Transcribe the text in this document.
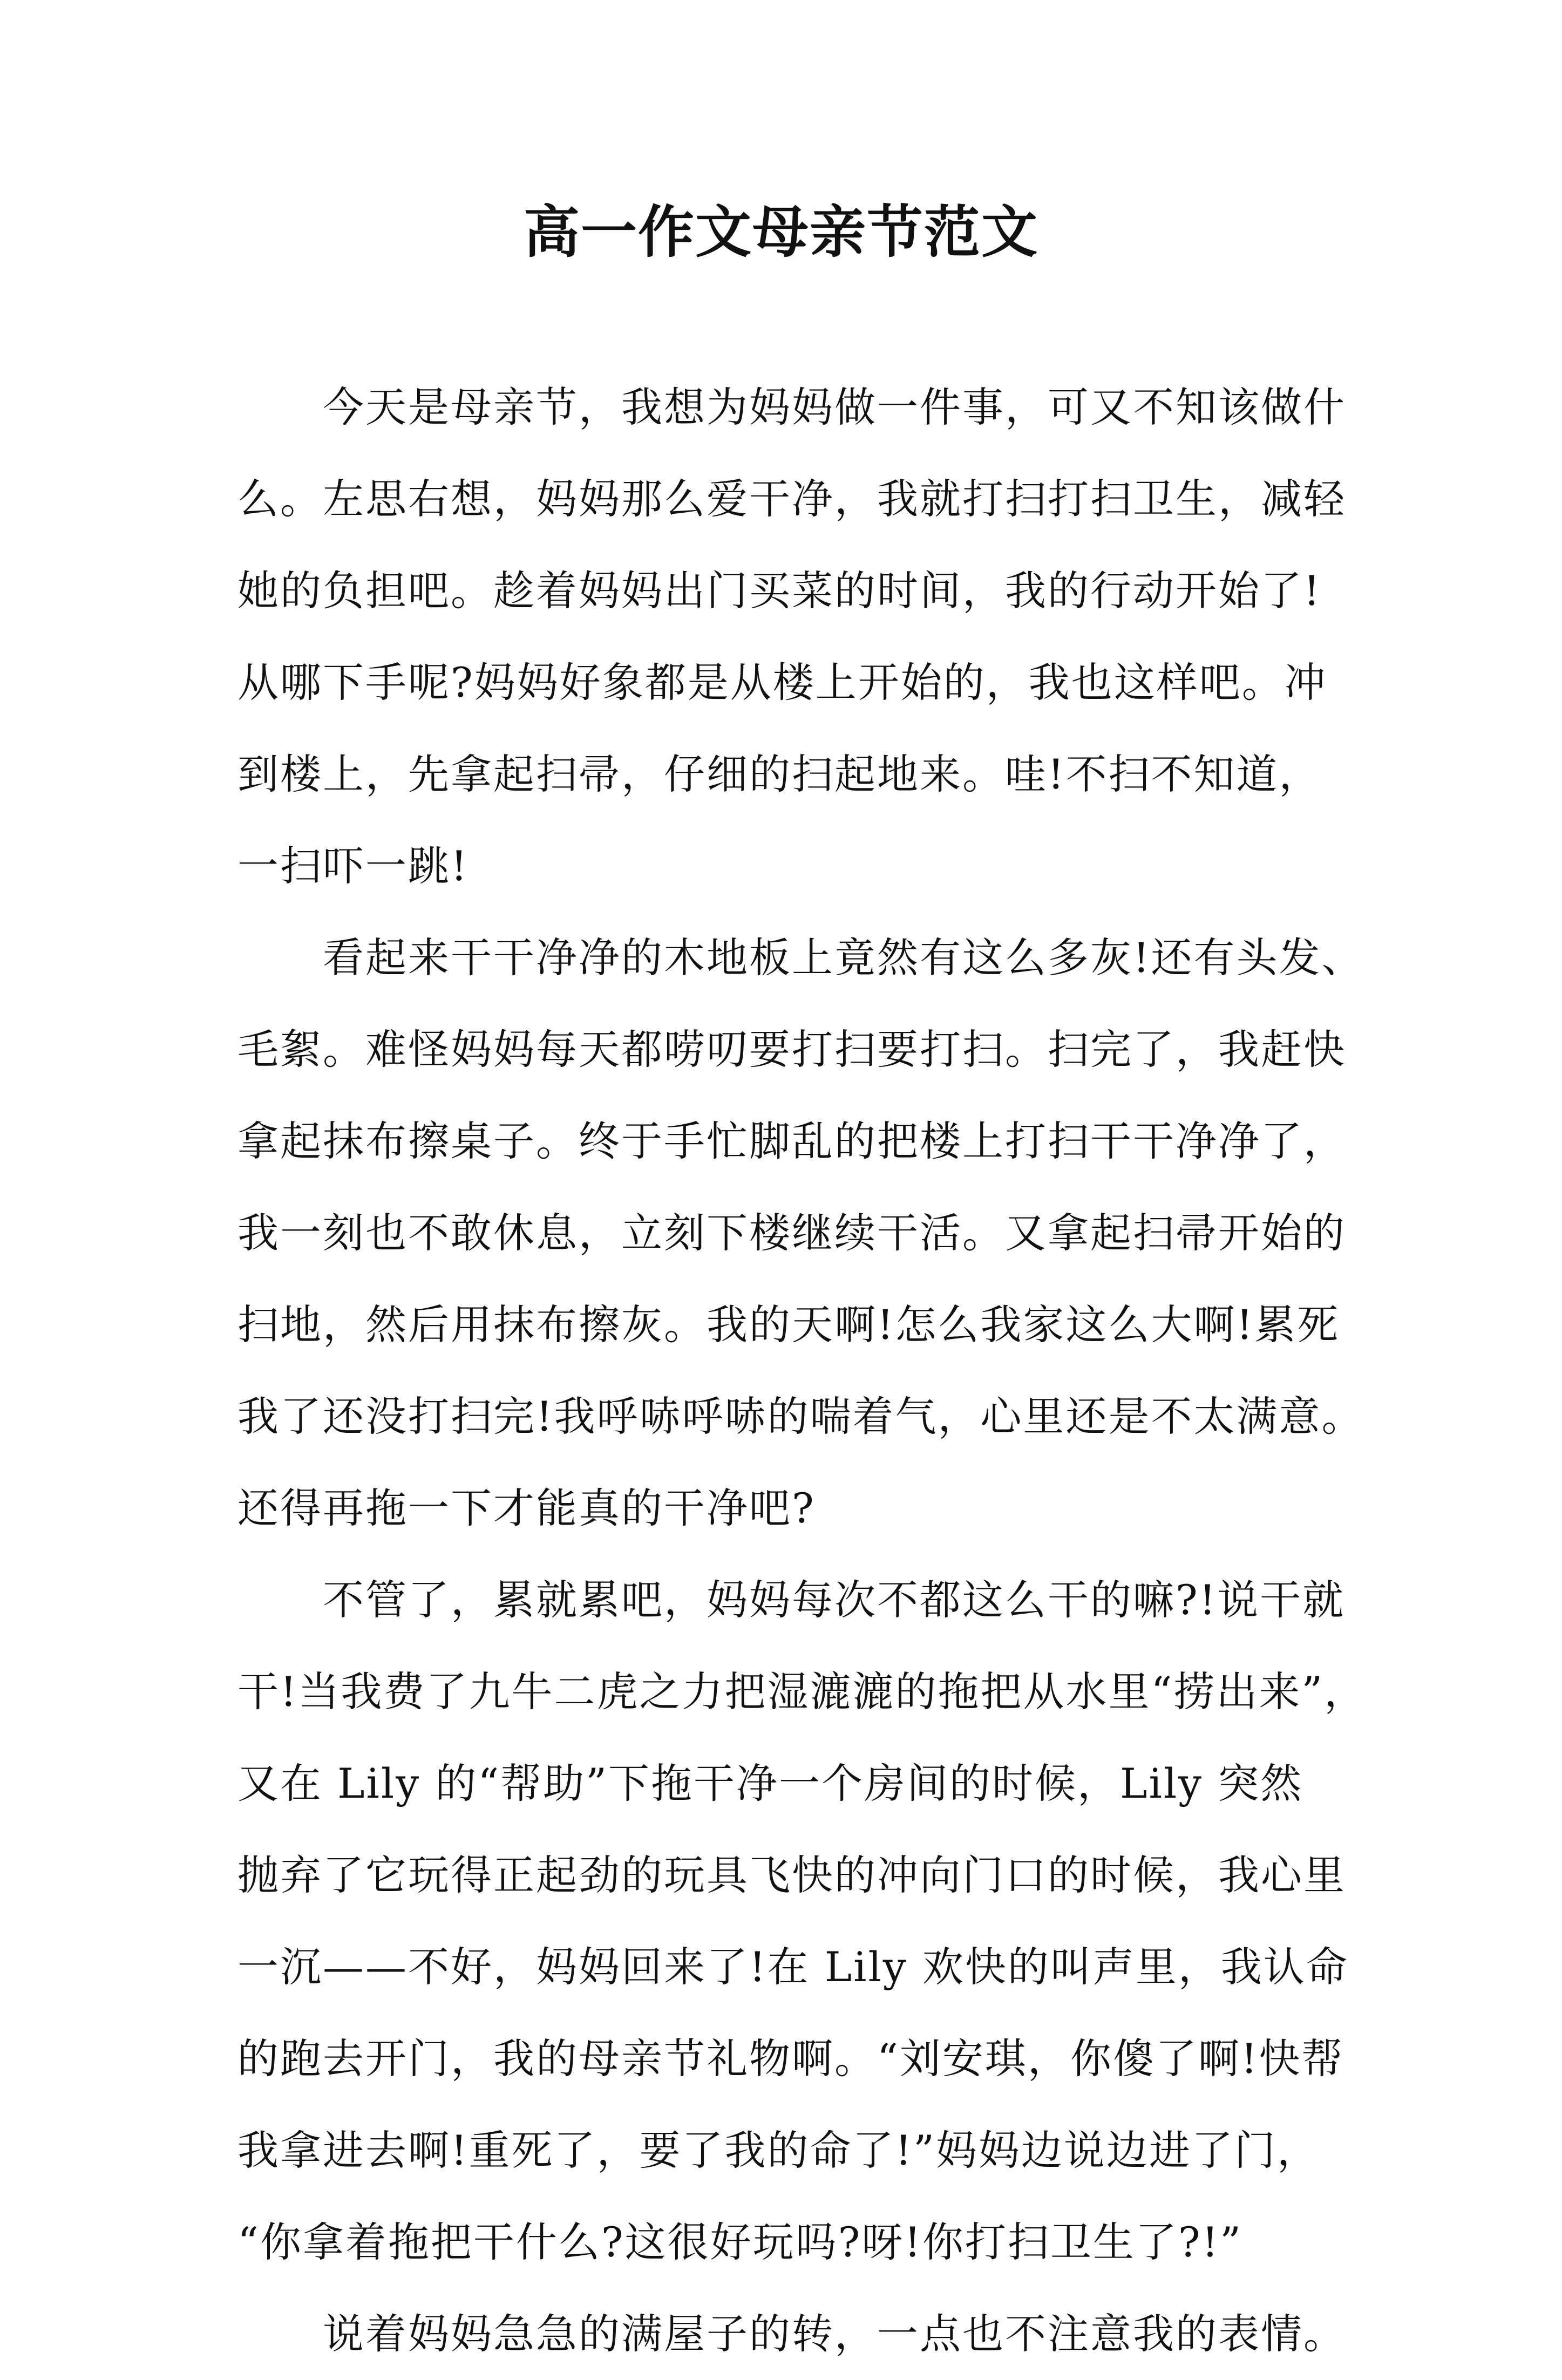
高一作文母亲节范文
今天是母亲节，我想为妈妈做一件事，可又不知该做什
么。左思右想，妈妈那么爱干净，我就打扫打扫卫生，减轻
她的负担吧。趁着妈妈出门买菜的时间，我的行动开始了!
从哪下手呢?妈妈好象都是从楼上开始的，我也这样吧。冲
到楼上，先拿起扫帚，仔细的扫起地来。哇!不扫不知道，
一扫吓一跳!
看起来干干净净的木地板上竟然有这么多灰!还有头发、
毛絮。难怪妈妈每天都唠叨要打扫要打扫。扫完了，我赶快
拿起抹布擦桌子。终于手忙脚乱的把楼上打扫干干净净了，
我一刻也不敢休息，立刻下楼继续干活。又拿起扫帚开始的
扫地，然后用抹布擦灰。我的天啊!怎么我家这么大啊!累死
我了还没打扫完!我呼哧呼哧的喘着气，心里还是不太满意。
还得再拖一下才能真的干净吧?
不管了，累就累吧，妈妈每次不都这么干的嘛?!说干就
干!当我费了九牛二虎之力把湿漉漉的拖把从水里“捞出来”，
又在 Lily 的“帮助”下拖干净一个房间的时候，Lily 突然
抛弃了它玩得正起劲的玩具飞快的冲向门口的时候，我心里
一沉——不好，妈妈回来了!在 Lily 欢快的叫声里，我认命
的跑去开门，我的母亲节礼物啊。“刘安琪，你傻了啊!快帮
我拿进去啊!重死了，要了我的命了!”妈妈边说边进了门，
“你拿着拖把干什么?这很好玩吗?呀!你打扫卫生了?!”
说着妈妈急急的满屋子的转，一点也不注意我的表情。
